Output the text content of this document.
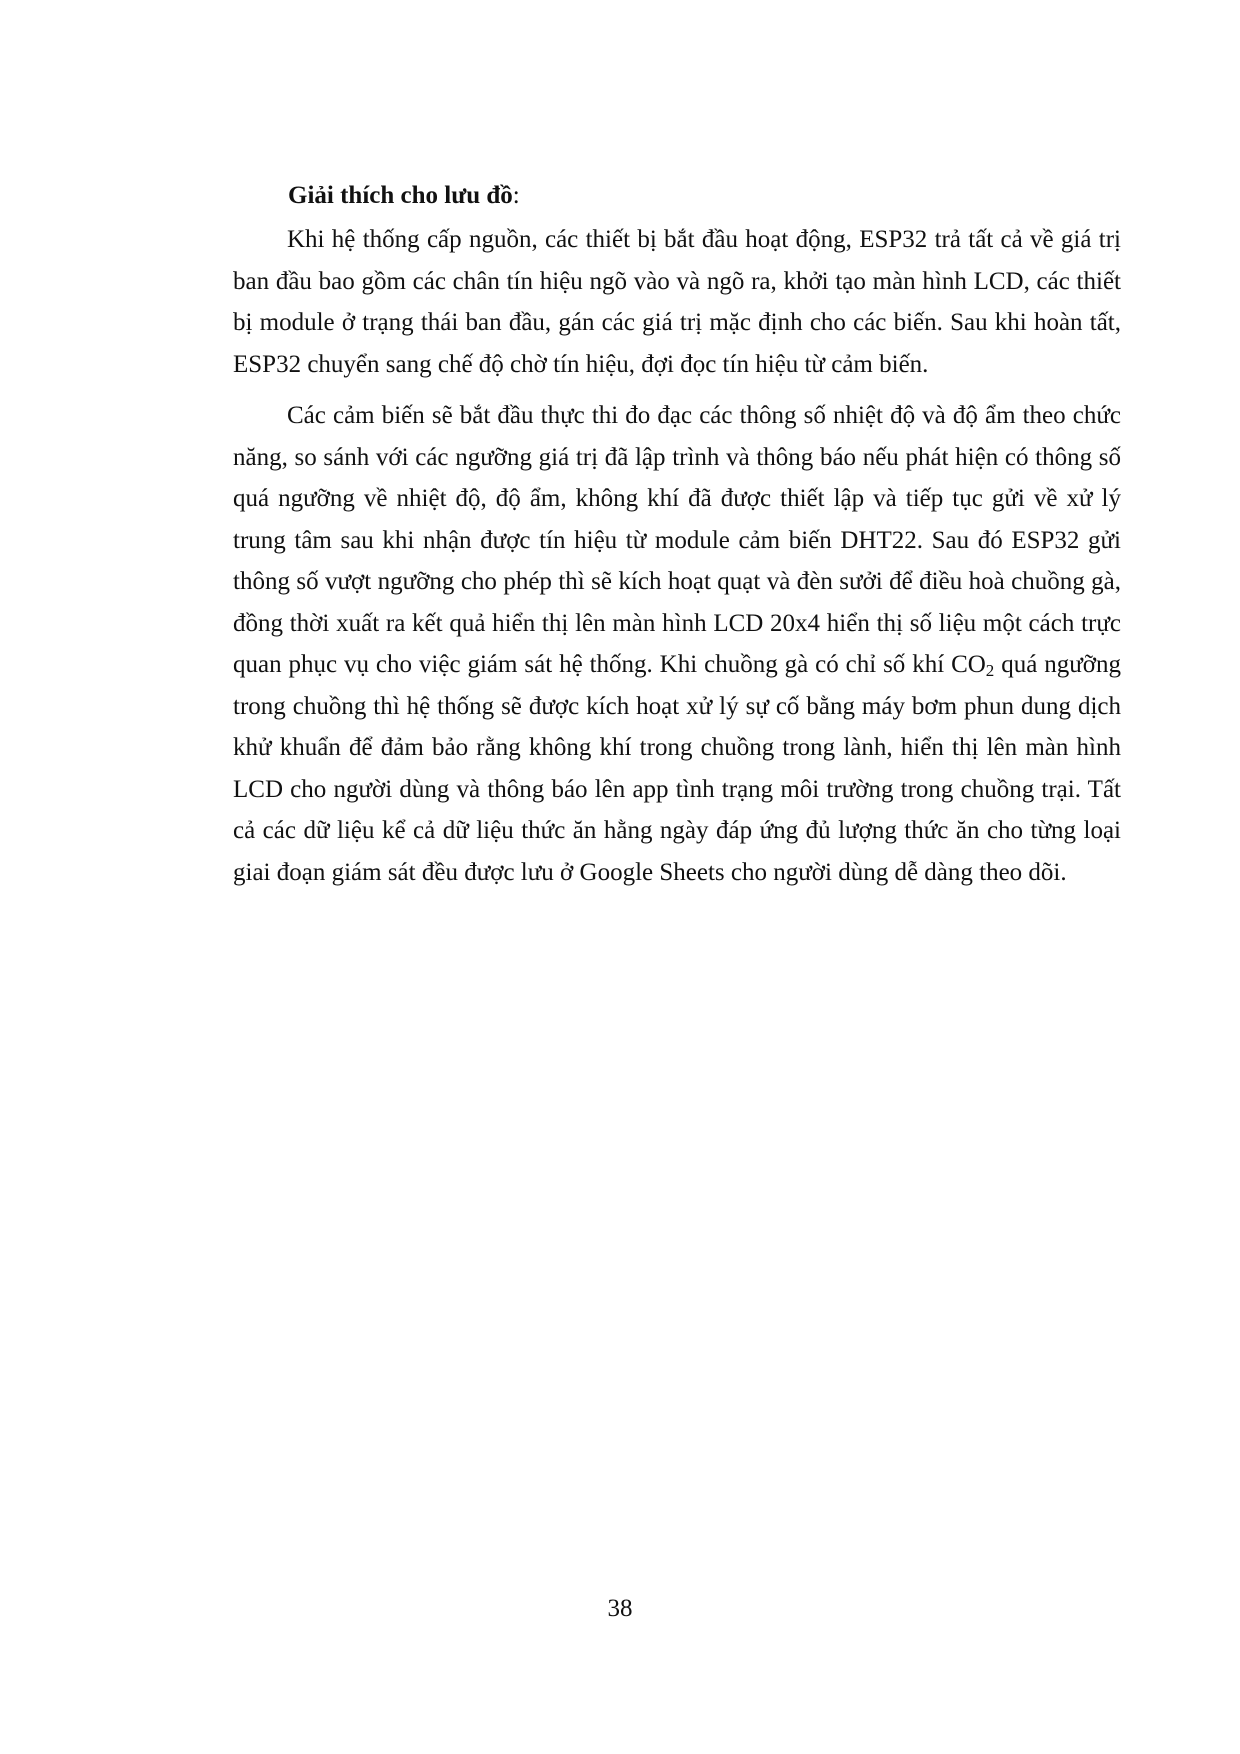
Giải thích cho lưu đồ:

Khi hệ thống cấp nguồn, các thiết bị bắt đầu hoạt động, ESP32 trả tất cả về giá trị ban đầu bao gồm các chân tín hiệu ngõ vào và ngõ ra, khởi tạo màn hình LCD, các thiết bị module ở trạng thái ban đầu, gán các giá trị mặc định cho các biến. Sau khi hoàn tất, ESP32 chuyển sang chế độ chờ tín hiệu, đợi đọc tín hiệu từ cảm biến.

Các cảm biến sẽ bắt đầu thực thi đo đạc các thông số nhiệt độ và độ ẩm theo chức năng, so sánh với các ngưỡng giá trị đã lập trình và thông báo nếu phát hiện có thông số quá ngưỡng về nhiệt độ, độ ẩm, không khí đã được thiết lập và tiếp tục gửi về xử lý trung tâm sau khi nhận được tín hiệu từ module cảm biến DHT22. Sau đó ESP32 gửi thông số vượt ngưỡng cho phép thì sẽ kích hoạt quạt và đèn sưởi để điều hoà chuồng gà, đồng thời xuất ra kết quả hiển thị lên màn hình LCD 20x4 hiển thị số liệu một cách trực quan phục vụ cho việc giám sát hệ thống. Khi chuồng gà có chỉ số khí $CO_2$ quá ngưỡng trong chuồng thì hệ thống sẽ được kích hoạt xử lý sự cố bằng máy bơm phun dung dịch khử khuẩn để đảm bảo rằng không khí trong chuồng trong lành, hiển thị lên màn hình LCD cho người dùng và thông báo lên app tình trạng môi trường trong chuồng trại. Tất cả các dữ liệu kể cả dữ liệu thức ăn hằng ngày đáp ứng đủ lượng thức ăn cho từng loại giai đoạn giám sát đều được lưu ở Google Sheets cho người dùng dễ dàng theo dõi.

38
